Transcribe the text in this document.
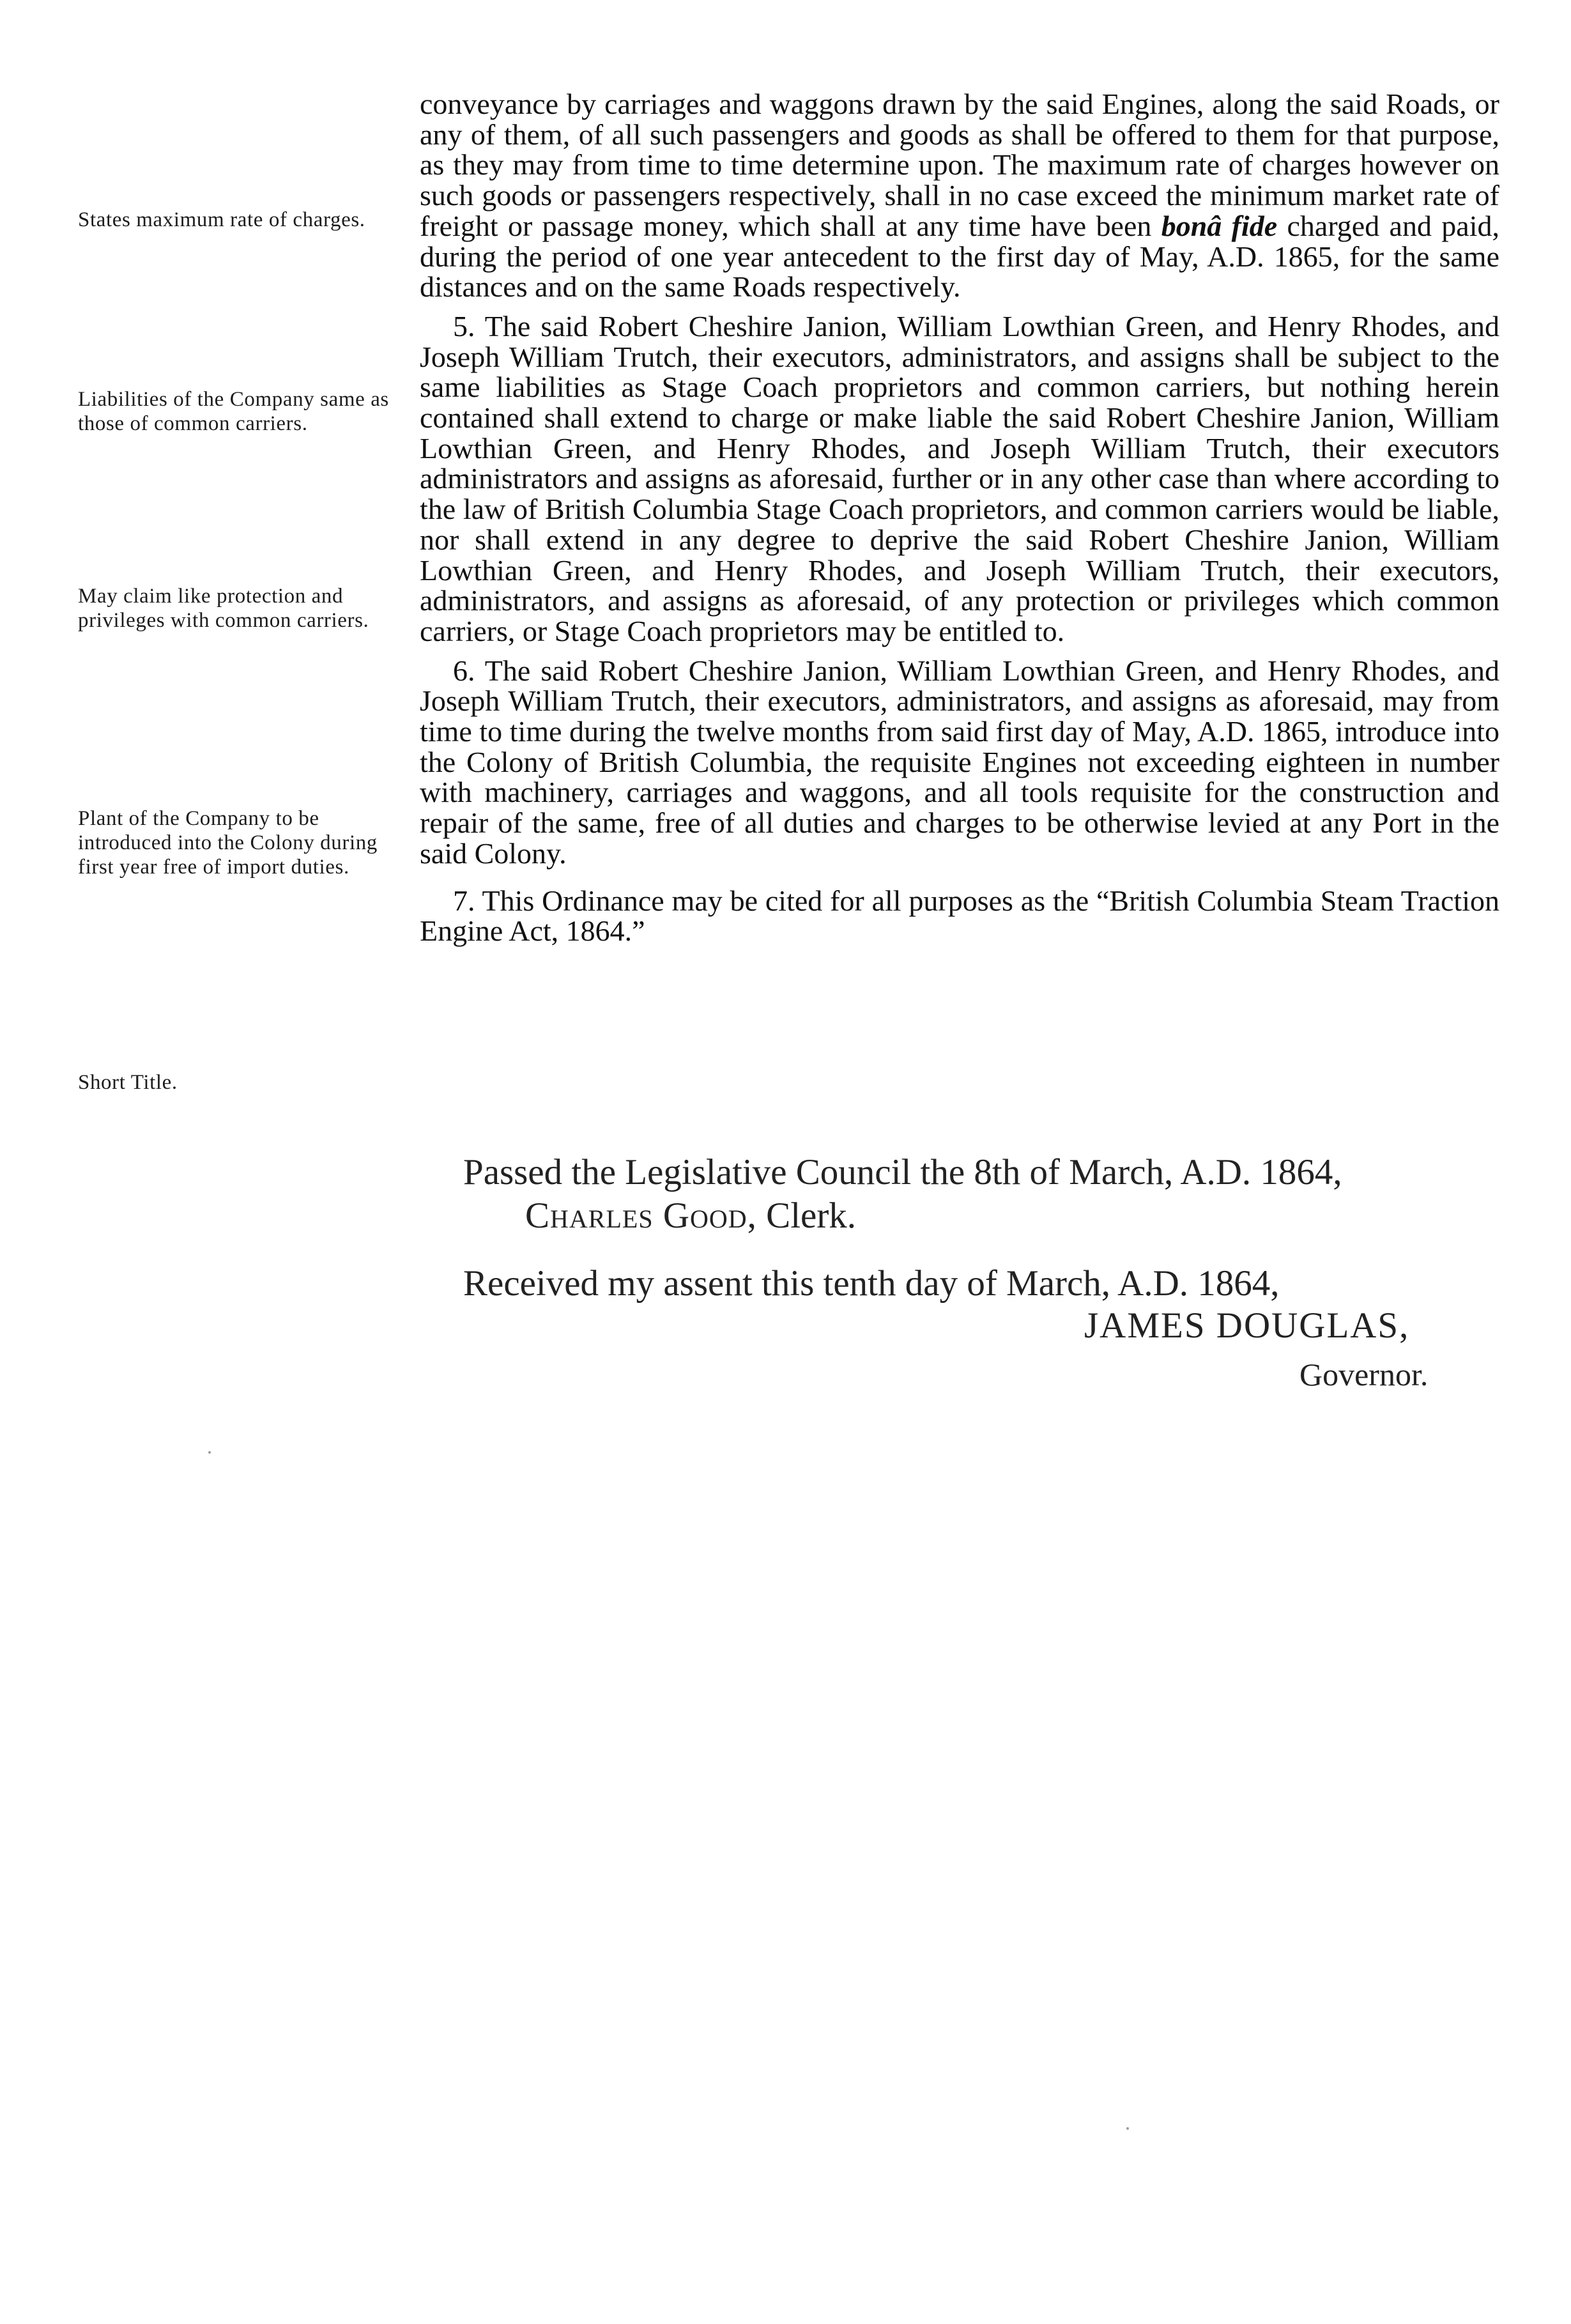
States maximum rate of charges.
Liabilities of the Company same as those of common carriers.
May claim like protection and privileges with common carriers.
Plant of the Company to be introduced into the Colony during first year free of import duties.
Short Title.

conveyance by carriages and waggons drawn by the said Engines, along the said Roads, or any of them, of all such passengers and goods as shall be offered to them for that purpose, as they may from time to time determine upon. The maximum rate of charges however on such goods or passengers respectively, shall in no case exceed the minimum market rate of freight or passage money, which shall at any time have been bonâ fide charged and paid, during the period of one year antecedent to the first day of May, A.D. 1865, for the same distances and on the same Roads respectively.

5. The said Robert Cheshire Janion, William Lowthian Green, and Henry Rhodes, and Joseph William Trutch, their executors, administrators, and assigns shall be subject to the same liabilities as Stage Coach proprietors and common carriers, but nothing herein contained shall extend to charge or make liable the said Robert Cheshire Janion, William Lowthian Green, and Henry Rhodes, and Joseph William Trutch, their executors administrators and assigns as aforesaid, further or in any other case than where according to the law of British Columbia Stage Coach proprietors, and common carriers would be liable, nor shall extend in any degree to deprive the said Robert Cheshire Janion, William Lowthian Green, and Henry Rhodes, and Joseph William Trutch, their executors, administrators, and assigns as aforesaid, of any protection or privileges which common carriers, or Stage Coach proprietors may be entitled to.

6. The said Robert Cheshire Janion, William Lowthian Green, and Henry Rhodes, and Joseph William Trutch, their executors, administrators, and assigns as aforesaid, may from time to time during the twelve months from said first day of May, A.D. 1865, introduce into the Colony of British Columbia, the requisite Engines not exceeding eighteen in number with machinery, carriages and waggons, and all tools requisite for the construction and repair of the same, free of all duties and charges to be otherwise levied at any Port in the said Colony.

7. This Ordinance may be cited for all purposes as the “British Columbia Steam Traction Engine Act, 1864.”

Passed the Legislative Council the 8th of March, A.D. 1864,
Charles Good, Clerk.
Received my assent this tenth day of March, A.D. 1864,
JAMES DOUGLAS,
Governor.
